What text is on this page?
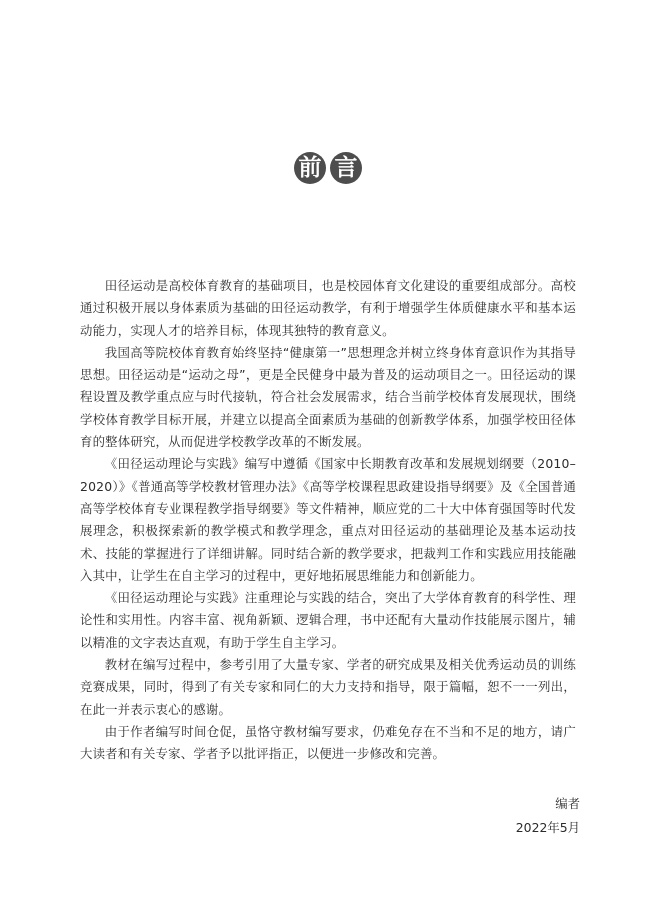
前 言

田径运动是高校体育教育的基础项目，也是校园体育文化建设的重要组成部分。高校通过积极开展以身体素质为基础的田径运动教学，有利于增强学生体质健康水平和基本运动能力，实现人才的培养目标，体现其独特的教育意义。

我国高等院校体育教育始终坚持“健康第一”思想理念并树立终身体育意识作为其指导思想。田径运动是“运动之母”，更是全民健身中最为普及的运动项目之一。田径运动的课程设置及教学重点应与时代接轨，符合社会发展需求，结合当前学校体育发展现状，围绕学校体育教学目标开展，并建立以提高全面素质为基础的创新教学体系，加强学校田径体育的整体研究，从而促进学校教学改革的不断发展。

《田径运动理论与实践》编写中遵循《国家中长期教育改革和发展规划纲要（2010–2020）》《普通高等学校教材管理办法》《高等学校课程思政建设指导纲要》及《全国普通高等学校体育专业课程教学指导纲要》等文件精神，顺应党的二十大中体育强国等时代发展理念，积极探索新的教学模式和教学理念，重点对田径运动的基础理论及基本运动技术、技能的掌握进行了详细讲解。同时结合新的教学要求，把裁判工作和实践应用技能融入其中，让学生在自主学习的过程中，更好地拓展思维能力和创新能力。

《田径运动理论与实践》注重理论与实践的结合，突出了大学体育教育的科学性、理论性和实用性。内容丰富、视角新颖、逻辑合理，书中还配有大量动作技能展示图片，辅以精准的文字表达直观，有助于学生自主学习。

教材在编写过程中，参考引用了大量专家、学者的研究成果及相关优秀运动员的训练竞赛成果，同时，得到了有关专家和同仁的大力支持和指导，限于篇幅，恕不一一列出，在此一并表示衷心的感谢。

由于作者编写时间仓促，虽恪守教材编写要求，仍难免存在不当和不足的地方，请广大读者和有关专家、学者予以批评指正，以便进一步修改和完善。

编者
2022年5月
